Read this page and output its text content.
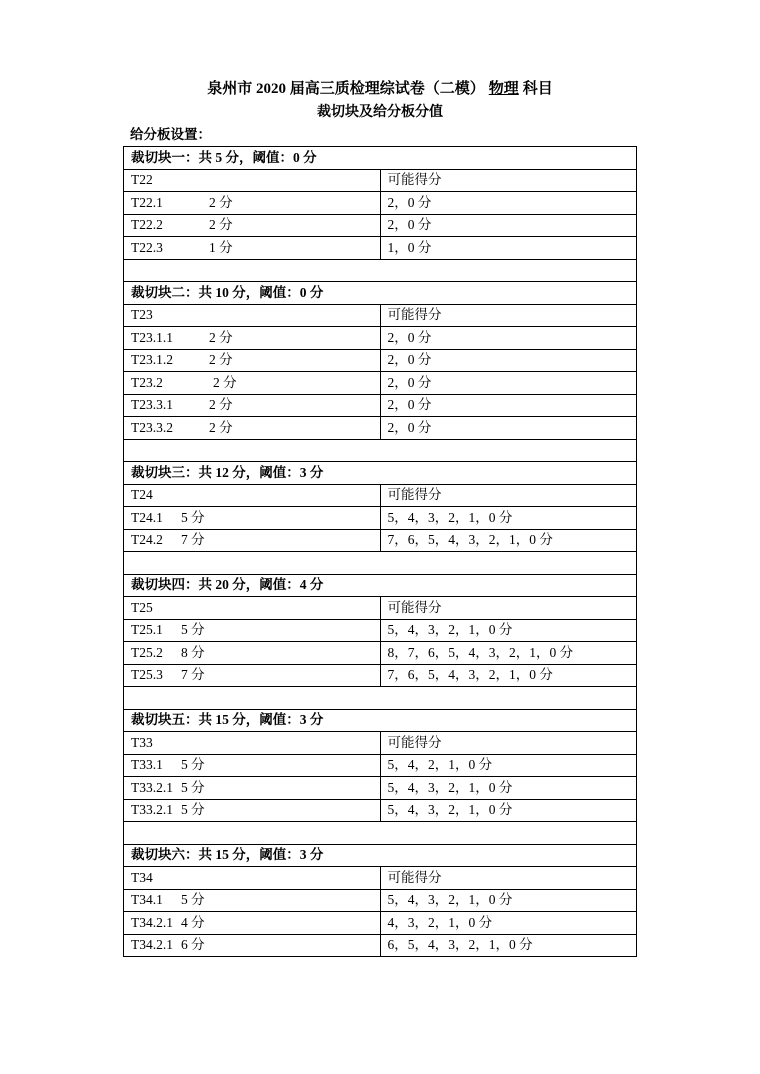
泉州市 2020 届高三质检理综试卷（二模） 物理 科目
裁切块及给分板分值
给分板设置：
裁切块一：共 5 分，阈值：0 分	
T22	可能得分
T22.1 2 分	2，0 分
T22.2 2 分	2，0 分
T22.3 1 分	1，0 分

裁切块二：共 10 分，阈值：0 分	
T23	可能得分
T23.1.1 2 分	2，0 分
T23.1.2 2 分	2，0 分
T23.2 2 分	2，0 分
T23.3.1 2 分	2，0 分
T23.3.2 2 分	2，0 分

裁切块三：共 12 分，阈值：3 分	
T24	可能得分
T24.1 5 分	5，4，3，2，1，0 分
T24.2 7 分	7，6，5，4，3，2，1，0 分

裁切块四：共 20 分，阈值：4 分	
T25	可能得分
T25.1 5 分	5，4，3，2，1，0 分
T25.2 8 分	8，7，6，5，4，3，2，1，0 分
T25.3 7 分	7，6，5，4，3，2，1，0 分

裁切块五：共 15 分，阈值：3 分	
T33	可能得分
T33.1 5 分	5，4，2，1，0 分
T33.2.1 5 分	5，4，3，2，1，0 分
T33.2.1 5 分	5，4，3，2，1，0 分

裁切块六：共 15 分，阈值：3 分	
T34	可能得分
T34.1 5 分	5，4，3，2，1，0 分
T34.2.1 4 分	4，3，2，1，0 分
T34.2.1 6 分	6，5，4，3，2，1，0 分
